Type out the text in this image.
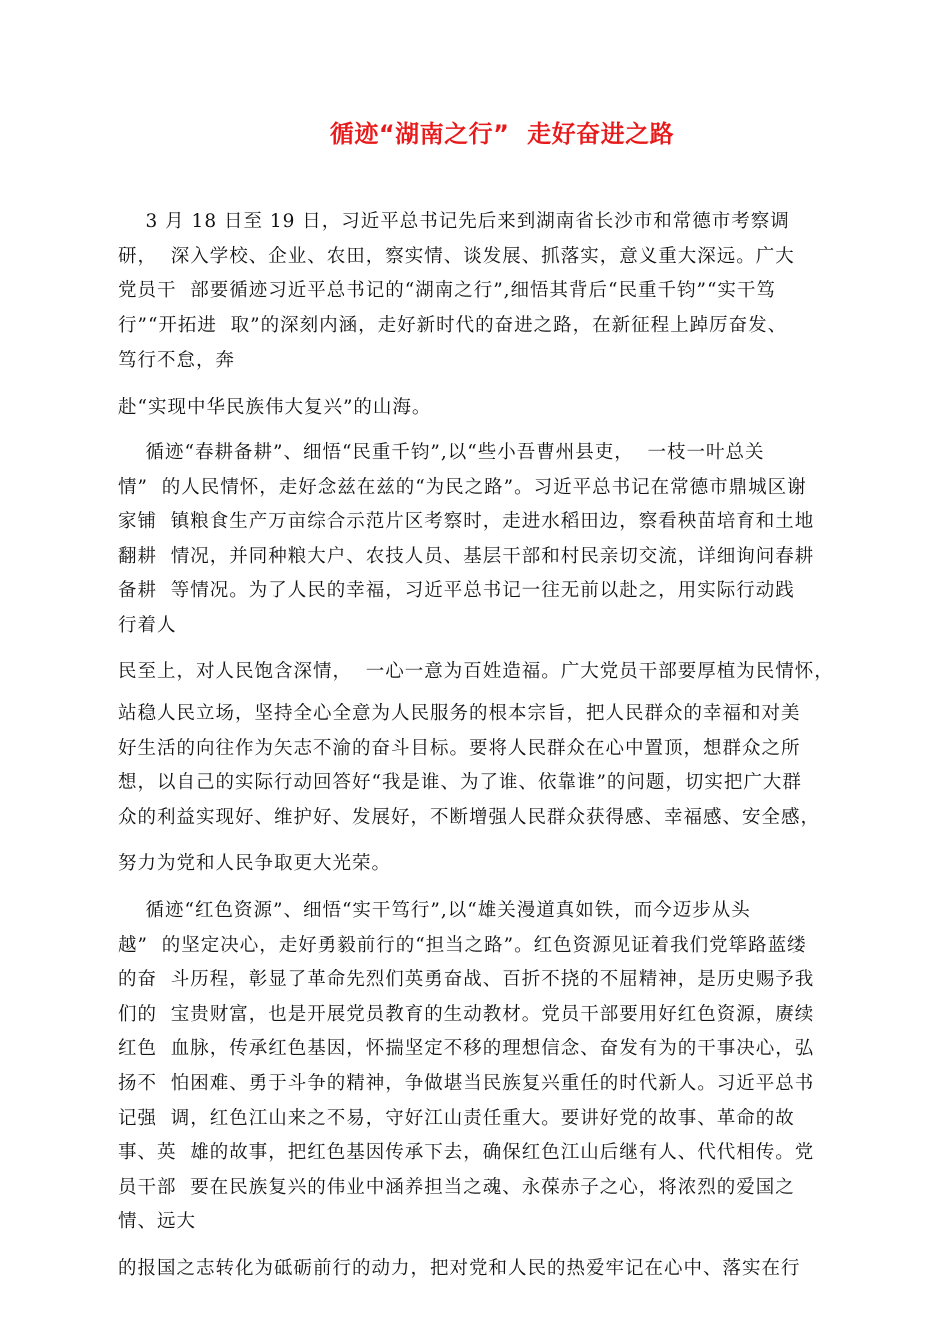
循迹“湖南之行”  走好奋进之路
3 月 18 日至 19 日，习近平总书记先后来到湖南省长沙市和常德市考察调
研，  深入学校、企业、农田，察实情、谈发展、抓落实，意义重大深远。广大
党员干  部要循迹习近平总书记的“湖南之行”,细悟其背后“民重千钧”“实干笃
行”“开拓进  取”的深刻内涵，走好新时代的奋进之路，在新征程上踔厉奋发、
笃行不怠，奔
赴“实现中华民族伟大复兴”的山海。
循迹“春耕备耕”、细悟“民重千钧”,以“些小吾曹州县吏，  一枝一叶总关
情”  的人民情怀，走好念兹在兹的“为民之路”。习近平总书记在常德市鼎城区谢
家铺  镇粮食生产万亩综合示范片区考察时，走进水稻田边，察看秧苗培育和土地
翻耕  情况，并同种粮大户、农技人员、基层干部和村民亲切交流，详细询问春耕
备耕  等情况。为了人民的幸福，习近平总书记一往无前以赴之，用实际行动践
行着人
民至上，对人民饱含深情，  一心一意为百姓造福。广大党员干部要厚植为民情怀，
站稳人民立场，坚持全心全意为人民服务的根本宗旨，把人民群众的幸福和对美
好生活的向往作为矢志不渝的奋斗目标。要将人民群众在心中置顶，想群众之所
想，以自己的实际行动回答好“我是谁、为了谁、依靠谁”的问题，切实把广大群
众的利益实现好、维护好、发展好，不断增强人民群众获得感、幸福感、安全感，
努力为党和人民争取更大光荣。
循迹“红色资源”、细悟“实干笃行”,以“雄关漫道真如铁，而今迈步从头
越”  的坚定决心，走好勇毅前行的“担当之路”。红色资源见证着我们党筚路蓝缕
的奋  斗历程，彰显了革命先烈们英勇奋战、百折不挠的不屈精神，是历史赐予我
们的  宝贵财富，也是开展党员教育的生动教材。党员干部要用好红色资源，赓续
红色  血脉，传承红色基因，怀揣坚定不移的理想信念、奋发有为的干事决心，弘
扬不  怕困难、勇于斗争的精神，争做堪当民族复兴重任的时代新人。习近平总书
记强  调，红色江山来之不易，守好江山责任重大。要讲好党的故事、革命的故
事、英  雄的故事，把红色基因传承下去，确保红色江山后继有人、代代相传。党
员干部  要在民族复兴的伟业中涵养担当之魂、永葆赤子之心，将浓烈的爱国之
情、远大
的报国之志转化为砥砺前行的动力，把对党和人民的热爱牢记在心中、落实在行
